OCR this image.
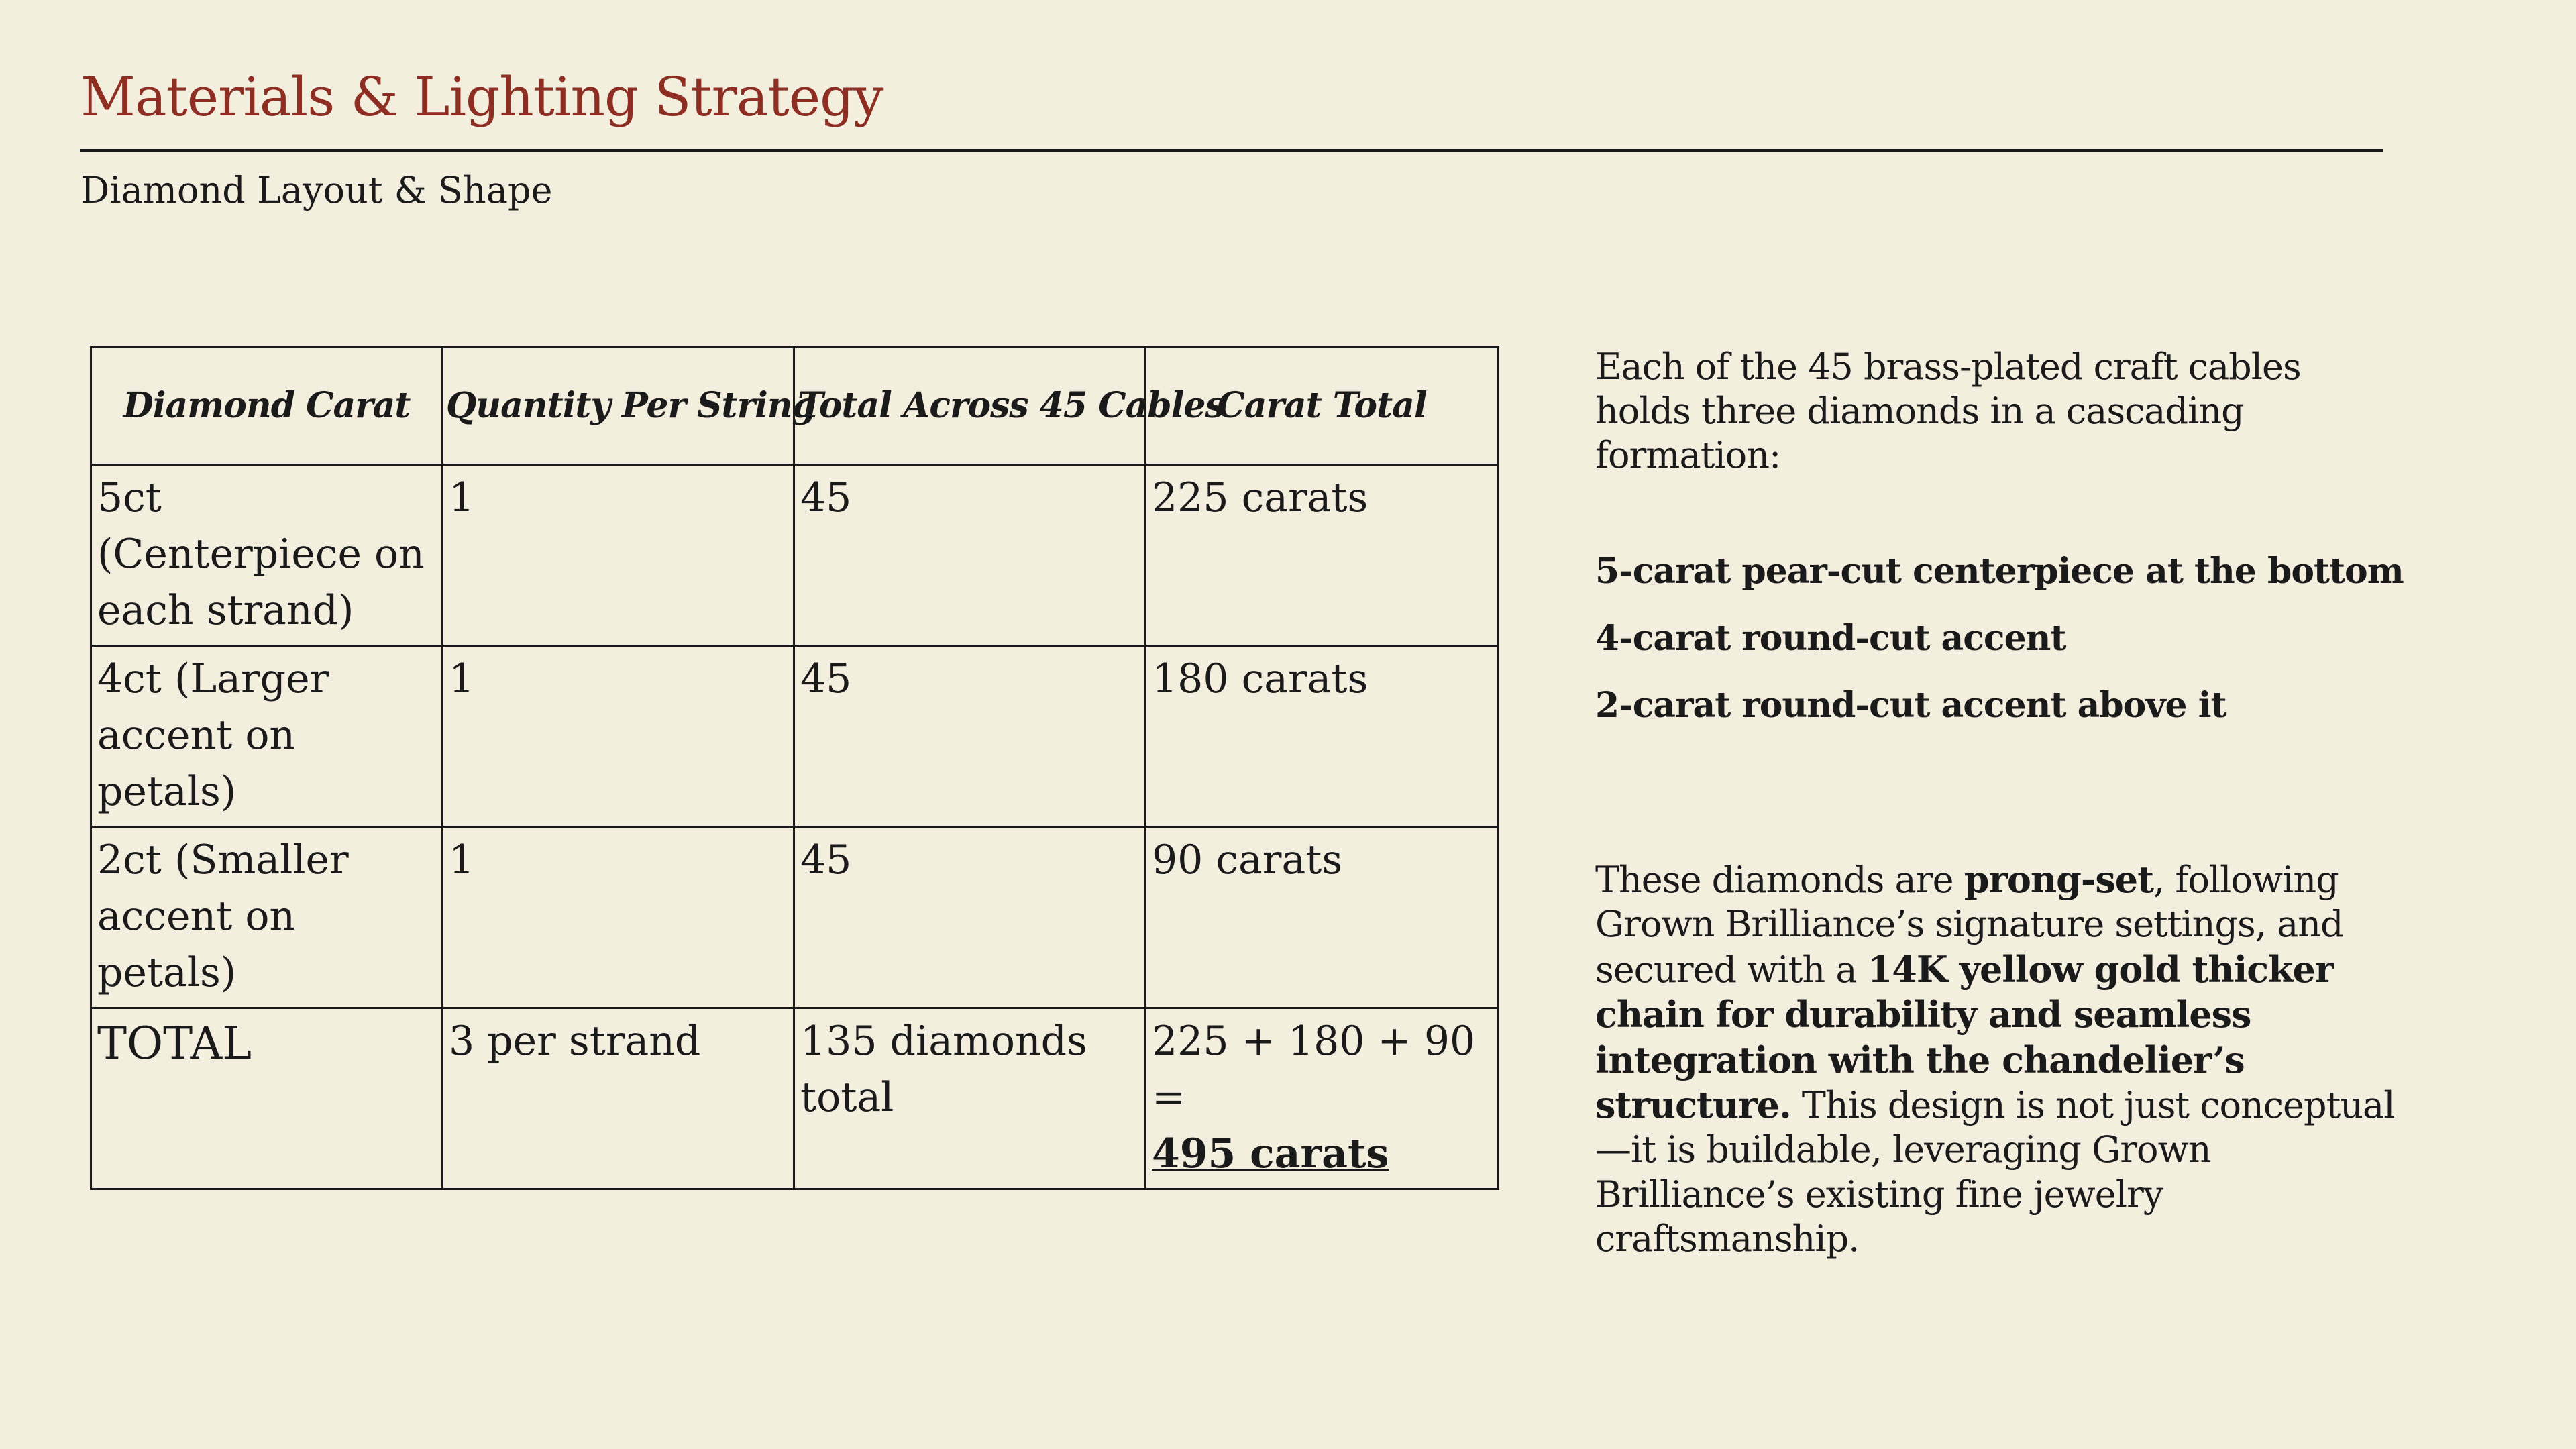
Materials & Lighting Strategy
Diamond Layout & Shape
Diamond Carat	Quantity Per String	Total Across 45 Cables	Carat Total
5ct (Centerpiece on each strand)	1	45	225 carats
4ct (Larger accent on petals)	1	45	180 carats
2ct (Smaller accent on petals)	1	45	90 carats
TOTAL	3 per strand	135 diamonds total	225 + 180 + 90 =
495 carats

Each of the 45 brass-plated craft cables holds three diamonds in a cascading formation:

5-carat pear-cut centerpiece at the bottom
4-carat round-cut accent
2-carat round-cut accent above it

These diamonds are prong-set, following Grown Brilliance’s signature settings, and secured with a 14K yellow gold thicker chain for durability and seamless integration with the chandelier’s structure. This design is not just conceptual—it is buildable, leveraging Grown Brilliance’s existing fine jewelry craftsmanship.
